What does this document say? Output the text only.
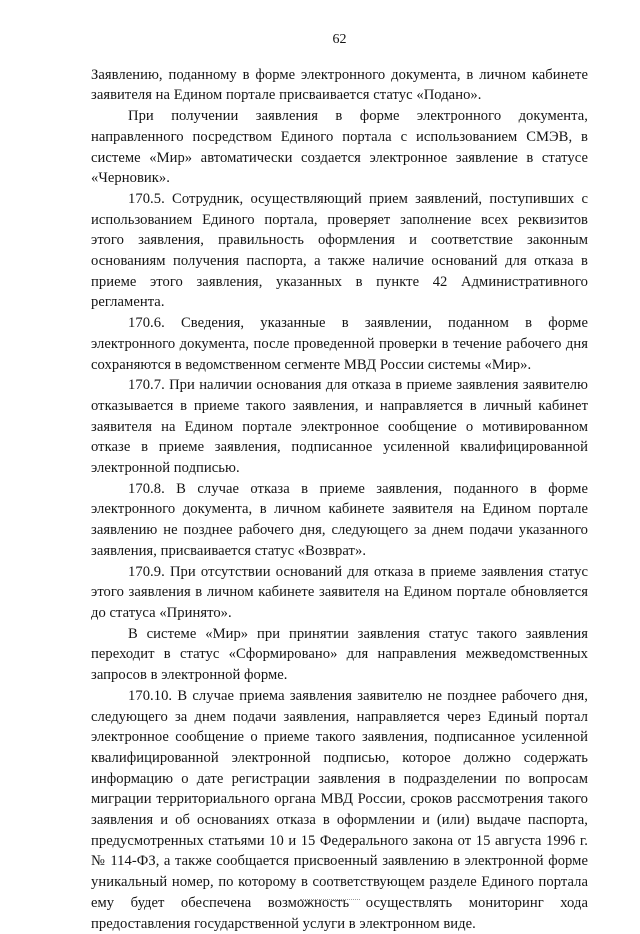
62

Заявлению, поданному в форме электронного документа, в личном кабинете заявителя на Едином портале присваивается статус «Подано».

При получении заявления в форме электронного документа, направленного посредством Единого портала с использованием СМЭВ, в системе «Мир» автоматически создается электронное заявление в статусе «Черновик».

170.5. Сотрудник, осуществляющий прием заявлений, поступивших с использованием Единого портала, проверяет заполнение всех реквизитов этого заявления, правильность оформления и соответствие законным основаниям получения паспорта, а также наличие оснований для отказа в приеме этого заявления, указанных в пункте 42 Административного регламента.

170.6. Сведения, указанные в заявлении, поданном в форме электронного документа, после проведенной проверки в течение рабочего дня сохраняются в ведомственном сегменте МВД России системы «Мир».

170.7. При наличии основания для отказа в приеме заявления заявителю отказывается в приеме такого заявления, и направляется в личный кабинет заявителя на Едином портале электронное сообщение о мотивированном отказе в приеме заявления, подписанное усиленной квалифицированной электронной подписью.

170.8. В случае отказа в приеме заявления, поданного в форме электронного документа, в личном кабинете заявителя на Едином портале заявлению не позднее рабочего дня, следующего за днем подачи указанного заявления, присваивается статус «Возврат».

170.9. При отсутствии оснований для отказа в приеме заявления статус этого заявления в личном кабинете заявителя на Едином портале обновляется до статуса «Принято».

В системе «Мир» при принятии заявления статус такого заявления переходит в статус «Сформировано» для направления межведомственных запросов в электронной форме.

170.10. В случае приема заявления заявителю не позднее рабочего дня, следующего за днем подачи заявления, направляется через Единый портал электронное сообщение о приеме такого заявления, подписанное усиленной квалифицированной электронной подписью, которое должно содержать информацию о дате регистрации заявления в подразделении по вопросам миграции территориального органа МВД России, сроков рассмотрения такого заявления и об основаниях отказа в оформлении и (или) выдаче паспорта, предусмотренных статьями 10 и 15 Федерального закона от 15 августа 1996 г. № 114-ФЗ, а также сообщается присвоенный заявлению в электронной форме уникальный номер, по которому в соответствующем разделе Единого портала ему будет обеспечена возможность осуществлять мониторинг хода предоставления государственной услуги в электронном виде.
